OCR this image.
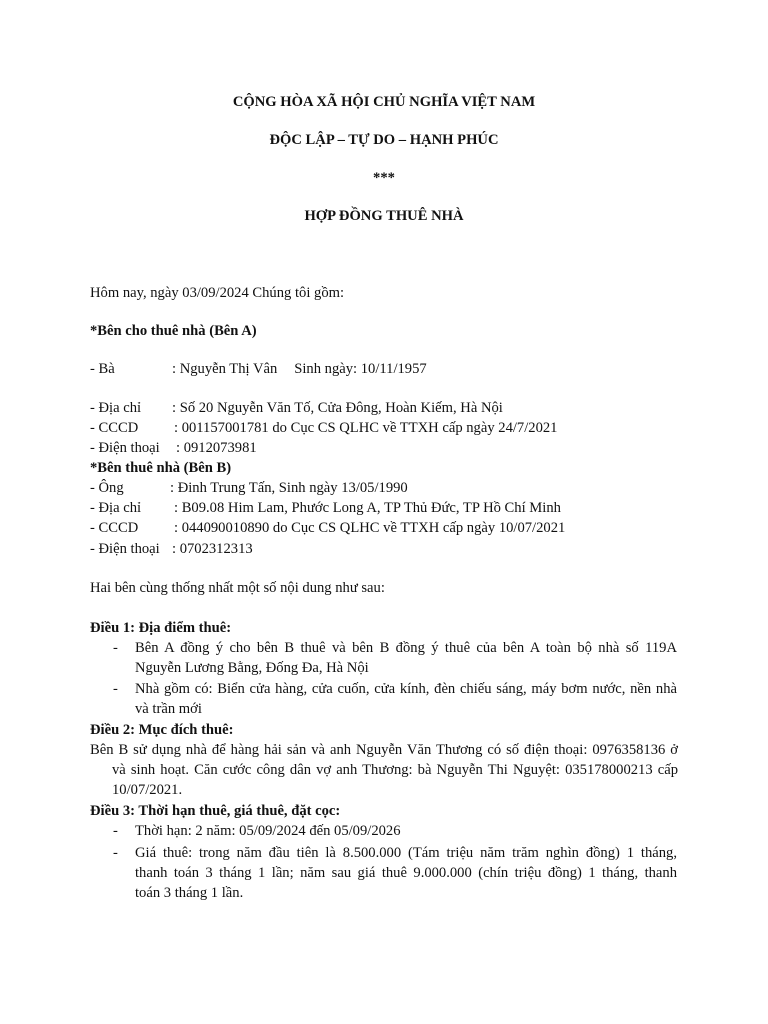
CỘNG HÒA XÃ HỘI CHỦ NGHĨA VIỆT NAM
ĐỘC LẬP – TỰ DO – HẠNH PHÚC
***
HỢP ĐỒNG THUÊ NHÀ
Hôm nay, ngày 03/09/2024 Chúng tôi gồm:
*Bên cho thuê nhà (Bên A)
- Bà	: Nguyễn Thị Vân Sinh ngày: 10/11/1957
- Địa chỉ : Số 20 Nguyễn Văn Tố, Cửa Đông, Hoàn Kiếm, Hà Nội
- CCCD : 001157001781 do Cục CS QLHC về TTXH cấp ngày 24/7/2021
- Điện thoại : 0912073981
*Bên thuê nhà (Bên B)
- Ông	: Đinh Trung Tấn, Sinh ngày 13/05/1990
- Địa chỉ : B09.08 Him Lam, Phước Long A, TP Thủ Đức, TP Hồ Chí Minh
- CCCD : 044090010890 do Cục CS QLHC về TTXH cấp ngày 10/07/2021
- Điện thoại : 0702312313
Hai bên cùng thống nhất một số nội dung như sau:
Điều 1: Địa điểm thuê:
- Bên A đồng ý cho bên B thuê và bên B đồng ý thuê của bên A toàn bộ nhà số 119A
Nguyễn Lương Bằng, Đống Đa, Hà Nội
- Nhà gồm có: Biển cửa hàng, cửa cuốn, cửa kính, đèn chiếu sáng, máy bơm nước, nền nhà
và trần mới
Điều 2: Mục đích thuê:
Bên B sử dụng nhà để hàng hải sản và anh Nguyễn Văn Thương có số điện thoại: 0976358136 ở
và sinh hoạt. Căn cước công dân vợ anh Thương: bà Nguyễn Thi Nguyệt: 035178000213 cấp
10/07/2021.
Điều 3: Thời hạn thuê, giá thuê, đặt cọc:
- Thời hạn: 2 năm: 05/09/2024 đến 05/09/2026
- Giá thuê: trong năm đầu tiên là 8.500.000 (Tám triệu năm trăm nghìn đồng) 1 tháng,
thanh toán 3 tháng 1 lần; năm sau giá thuê 9.000.000 (chín triệu đồng) 1 tháng, thanh
toán 3 tháng 1 lần.
